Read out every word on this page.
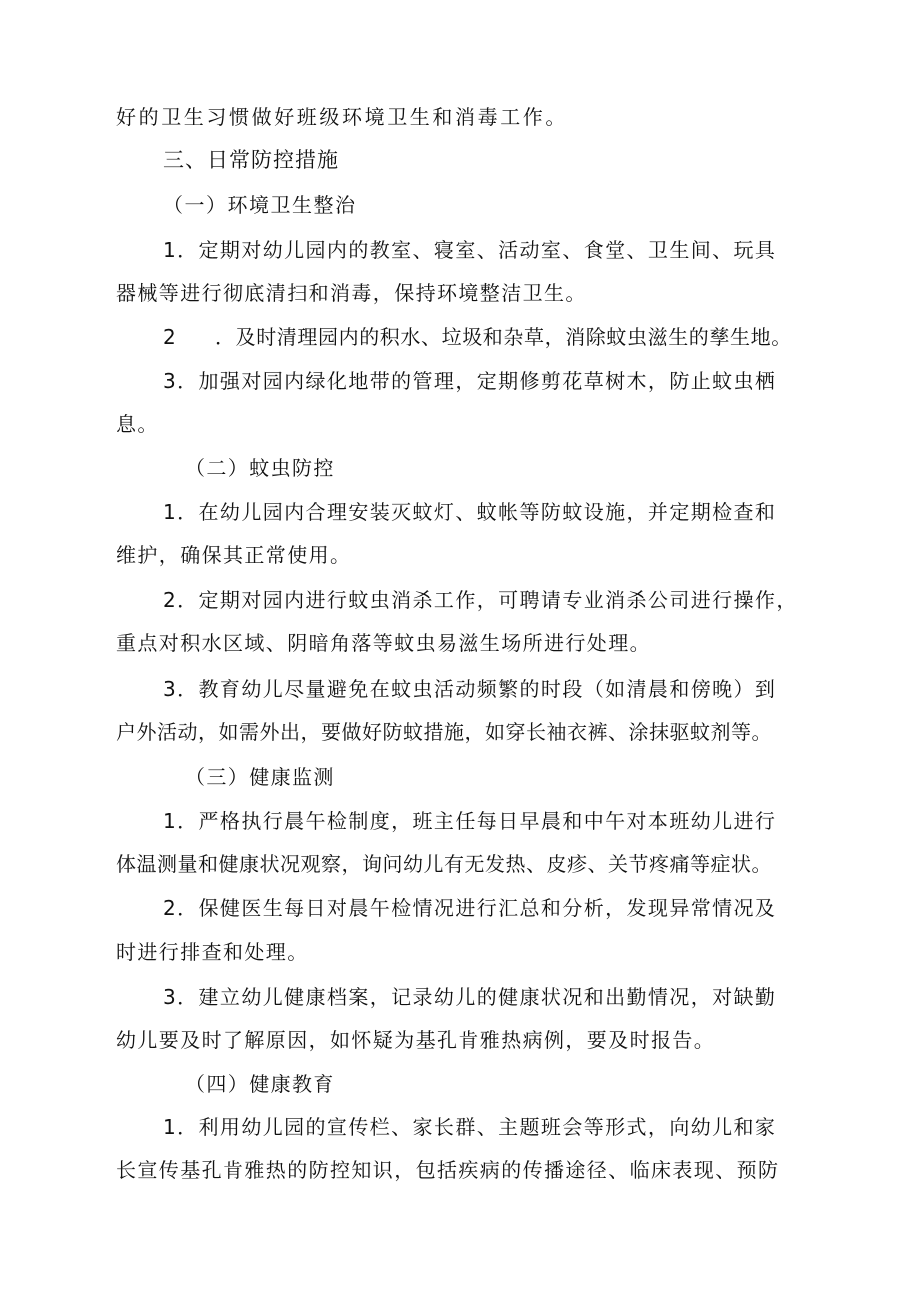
好的卫生习惯做好班级环境卫生和消毒工作。
三、日常防控措施
（一）环境卫生整治
1．定期对幼儿园内的教室、寝室、活动室、食堂、卫生间、玩具
器械等进行彻底清扫和消毒，保持环境整洁卫生。
2 ．及时清理园内的积水、垃圾和杂草，消除蚊虫滋生的孳生地。
3．加强对园内绿化地带的管理，定期修剪花草树木，防止蚊虫栖
息。
（二）蚊虫防控
1．在幼儿园内合理安装灭蚊灯、蚊帐等防蚊设施，并定期检查和
维护，确保其正常使用。
2．定期对园内进行蚊虫消杀工作，可聘请专业消杀公司进行操作，
重点对积水区域、阴暗角落等蚊虫易滋生场所进行处理。
3．教育幼儿尽量避免在蚊虫活动频繁的时段（如清晨和傍晚）到
户外活动，如需外出，要做好防蚊措施，如穿长袖衣裤、涂抹驱蚊剂等。
（三）健康监测
1．严格执行晨午检制度，班主任每日早晨和中午对本班幼儿进行
体温测量和健康状况观察，询问幼儿有无发热、皮疹、关节疼痛等症状。
2．保健医生每日对晨午检情况进行汇总和分析，发现异常情况及
时进行排查和处理。
3．建立幼儿健康档案，记录幼儿的健康状况和出勤情况，对缺勤
幼儿要及时了解原因，如怀疑为基孔肯雅热病例，要及时报告。
（四）健康教育
1．利用幼儿园的宣传栏、家长群、主题班会等形式，向幼儿和家
长宣传基孔肯雅热的防控知识，包括疾病的传播途径、临床表现、预防
